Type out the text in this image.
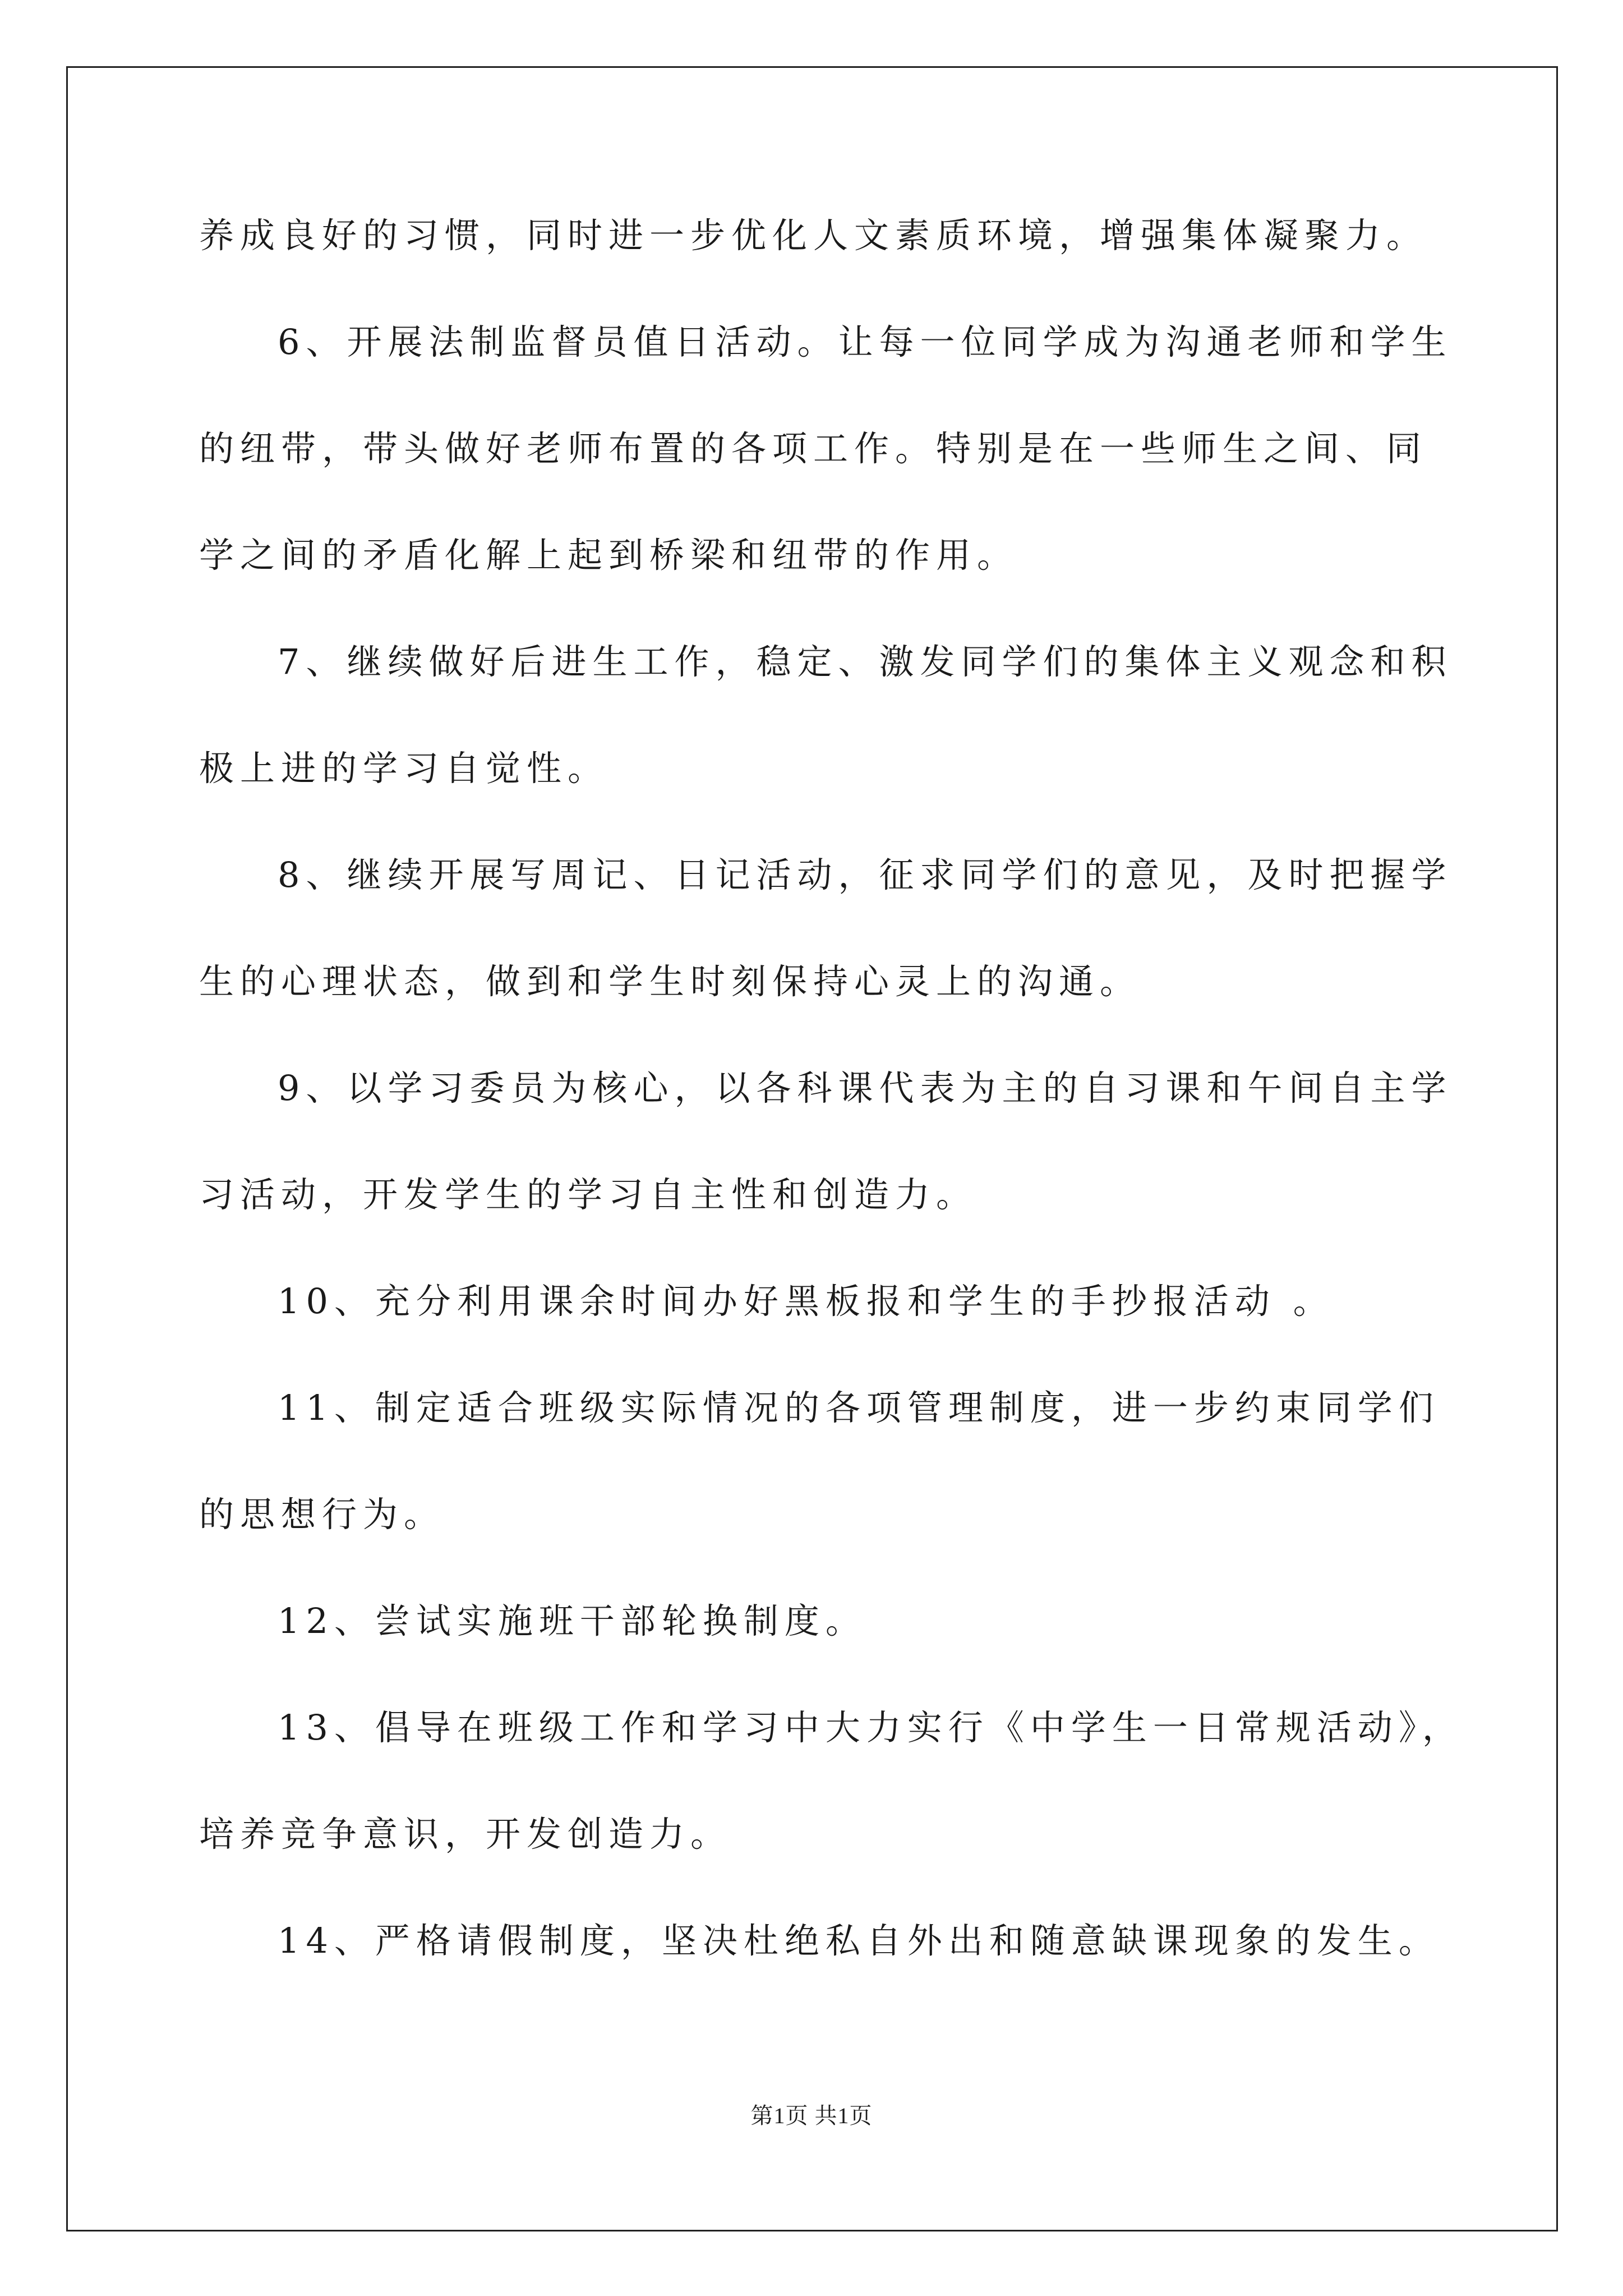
养成良好的习惯，同时进一步优化人文素质环境，增强集体凝聚力。
6、开展法制监督员值日活动。让每一位同学成为沟通老师和学生
的纽带，带头做好老师布置的各项工作。特别是在一些师生之间、同
学之间的矛盾化解上起到桥梁和纽带的作用。
7、继续做好后进生工作，稳定、激发同学们的集体主义观念和积
极上进的学习自觉性。
8、继续开展写周记、日记活动，征求同学们的意见，及时把握学
生的心理状态，做到和学生时刻保持心灵上的沟通。
9、以学习委员为核心，以各科课代表为主的自习课和午间自主学
习活动，开发学生的学习自主性和创造力。
10、充分利用课余时间办好黑板报和学生的手抄报活动 。
11、制定适合班级实际情况的各项管理制度，进一步约束同学们
的思想行为。
12、尝试实施班干部轮换制度。
13、倡导在班级工作和学习中大力实行《中学生一日常规活动》，
培养竞争意识，开发创造力。
14、严格请假制度，坚决杜绝私自外出和随意缺课现象的发生。
第1页 共1页
